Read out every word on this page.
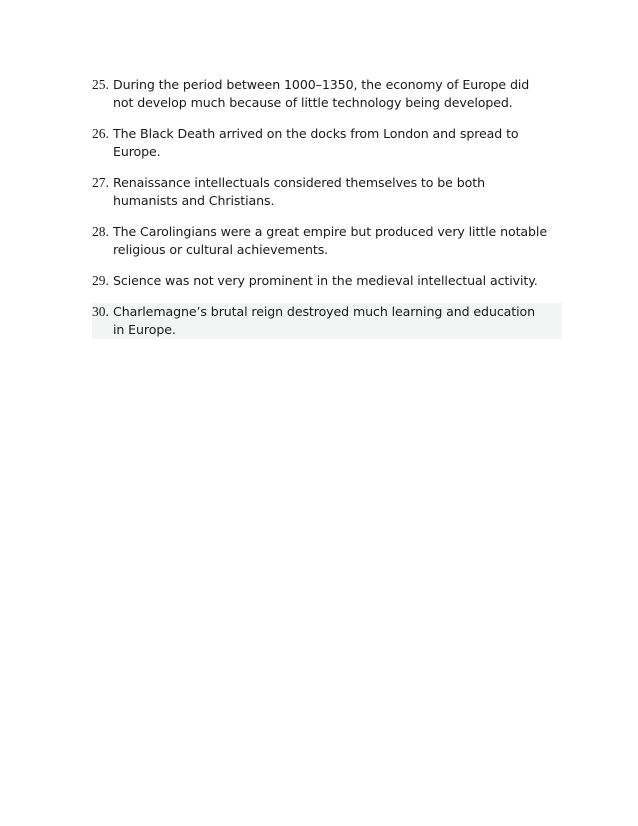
25. During the period between 1000–1350, the economy of Europe did not develop much because of little technology being developed.
26. The Black Death arrived on the docks from London and spread to Europe.
27. Renaissance intellectuals considered themselves to be both humanists and Christians.
28. The Carolingians were a great empire but produced very little notable religious or cultural achievements.
29. Science was not very prominent in the medieval intellectual activity.
30. Charlemagne’s brutal reign destroyed much learning and education in Europe.
